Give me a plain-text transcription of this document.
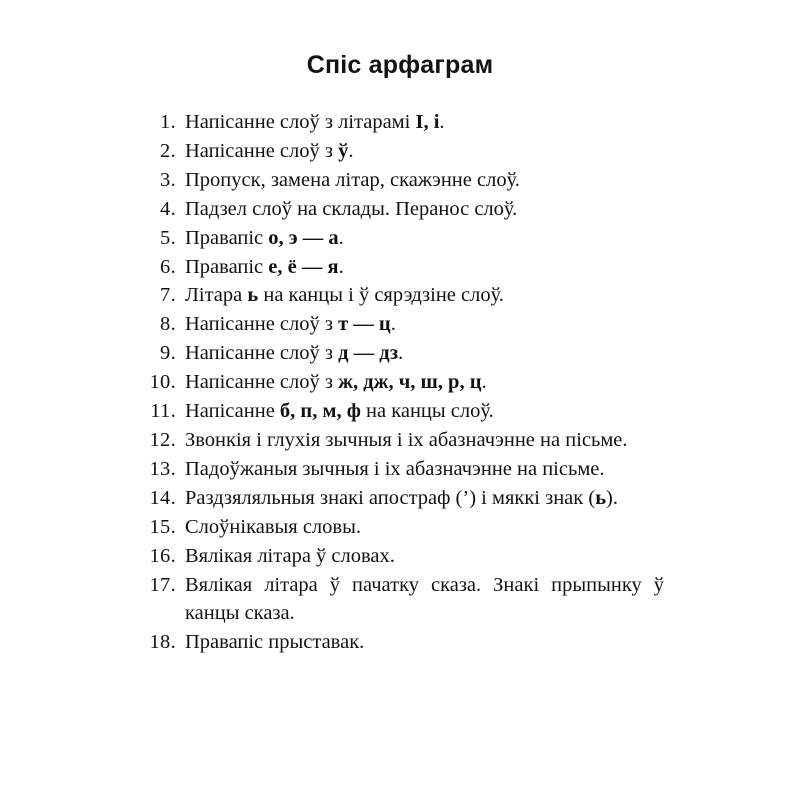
Спіс арфаграм
1. Напісанне слоў з літарамі I, i.
2. Напісанне слоў з ў.
3. Пропуск, замена літар, скажэнне слоў.
4. Падзел слоў на склады. Перанос слоў.
5. Правапіс о, э — а.
6. Правапіс е, ё — я.
7. Літара ь на канцы і ў сярэдзіне слоў.
8. Напісанне слоў з т — ц.
9. Напісанне слоў з д — дз.
10. Напісанне слоў з ж, дж, ч, ш, р, ц.
11. Напісанне б, п, м, ф на канцы слоў.
12. Звонкія і глухія зычныя і іх абазначэнне на пісьме.
13. Падоўжаныя зычныя і іх абазначэнне на пісьме.
14. Раздзяляльныя знакі апостраф (’) і мяккі знак (ь).
15. Слоўнікавыя словы.
16. Вялікая літара ў словах.
17. Вялікая літара ў пачатку сказа. Знакі прыпынку ў канцы сказа.
18. Правапіс прыставак.
